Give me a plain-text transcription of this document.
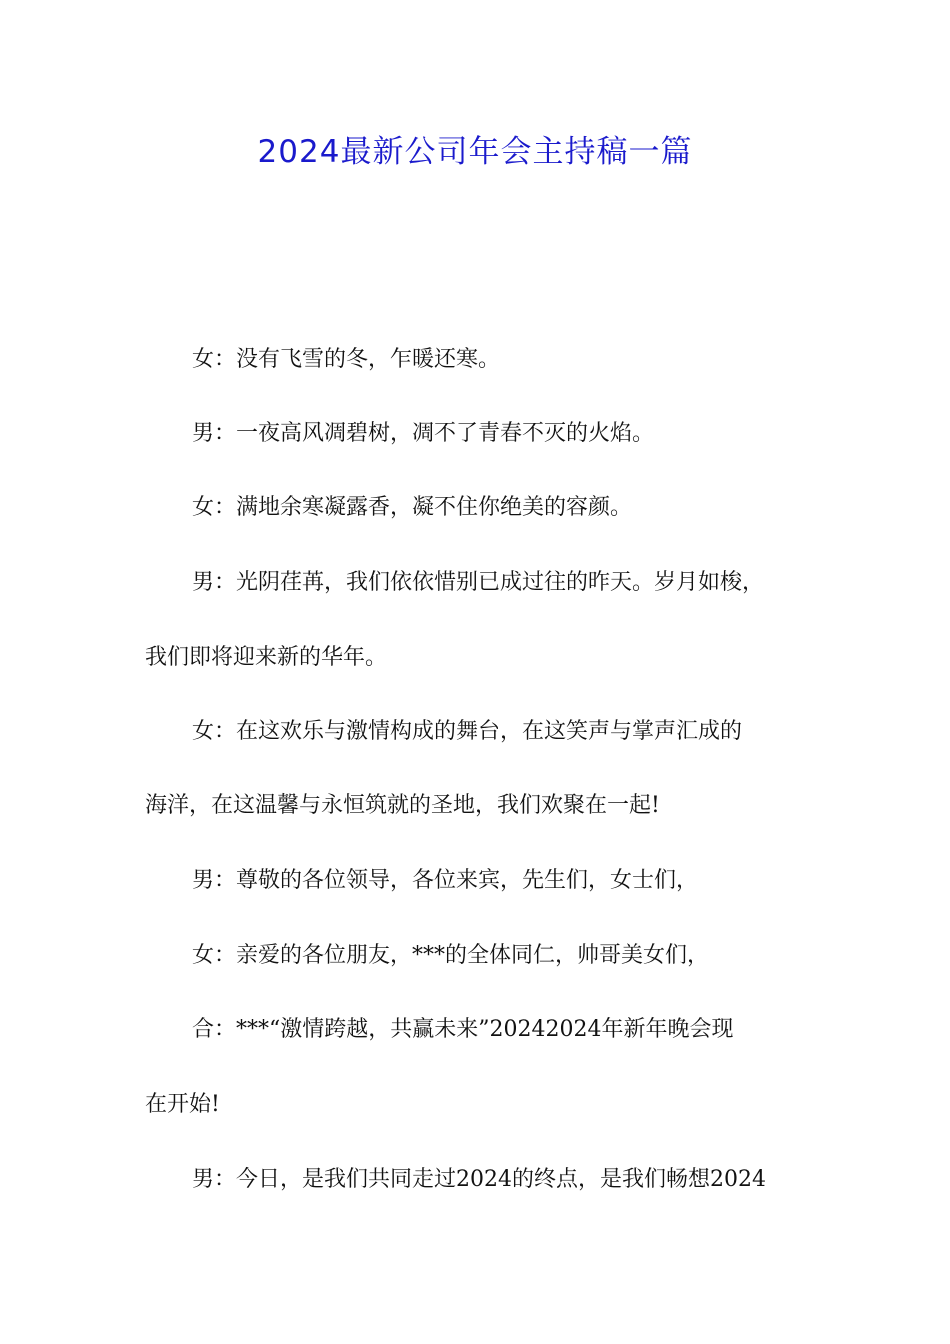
2024最新公司年会主持稿一篇
女：没有飞雪的冬，乍暖还寒。
男：一夜高风凋碧树，凋不了青春不灭的火焰。
女：满地余寒凝露香，凝不住你绝美的容颜。
男：光阴荏苒，我们依依惜别已成过往的昨天。岁月如梭，
我们即将迎来新的华年。
女：在这欢乐与激情构成的舞台，在这笑声与掌声汇成的
海洋，在这温馨与永恒筑就的圣地，我们欢聚在一起!
男：尊敬的各位领导，各位来宾，先生们，女士们，
女：亲爱的各位朋友，***的全体同仁，帅哥美女们，
合：***“激情跨越，共赢未来”20242024年新年晚会现
在开始!
男：今日，是我们共同走过2024的终点，是我们畅想2024
